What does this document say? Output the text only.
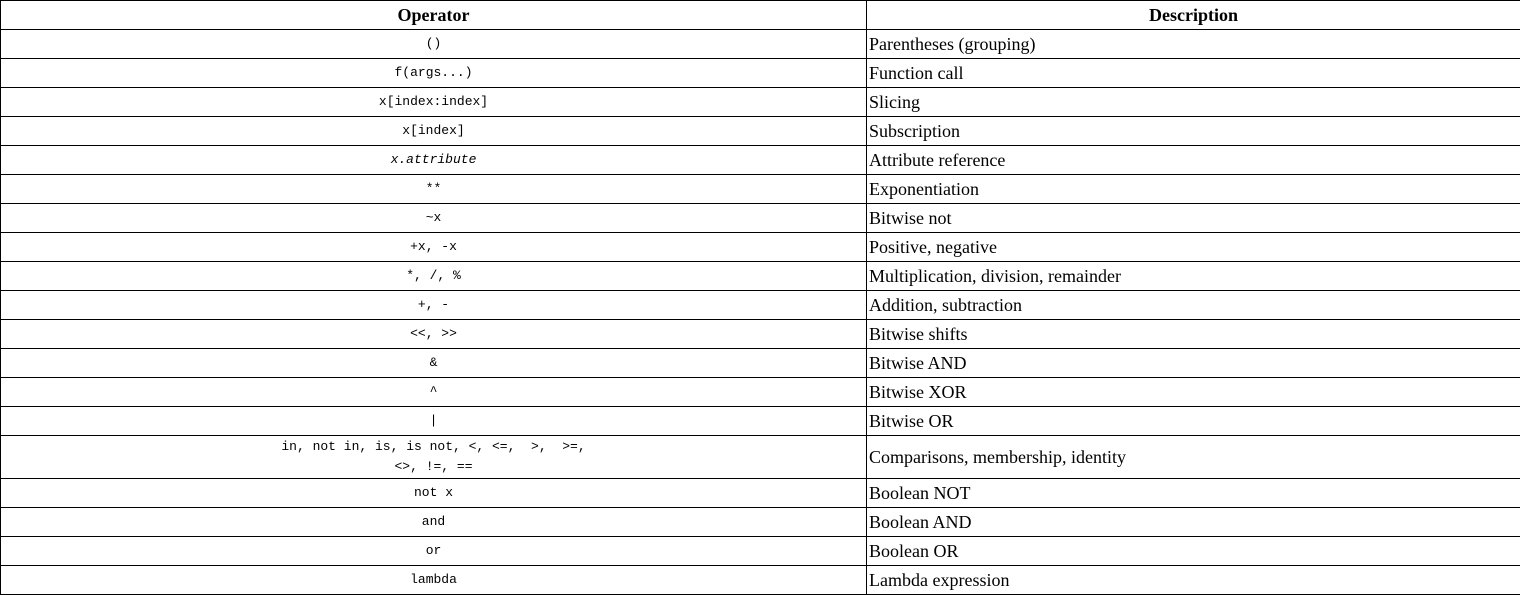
Operator	Description
()	Parentheses (grouping)
f(args...)	Function call
x[index:index]	Slicing
x[index]	Subscription
x.attribute	Attribute reference
**	Exponentiation
~x	Bitwise not
+x, -x	Positive, negative
*, /, %	Multiplication, division, remainder
+, -	Addition, subtraction
<<, >>	Bitwise shifts
&	Bitwise AND
^	Bitwise XOR
|	Bitwise OR

in, not in, is, is not, <, <=,  >,  >=,
<>, !=, ==	Comparisons, membership, identity
not x	Boolean NOT
and	Boolean AND
or	Boolean OR
lambda	Lambda expression
